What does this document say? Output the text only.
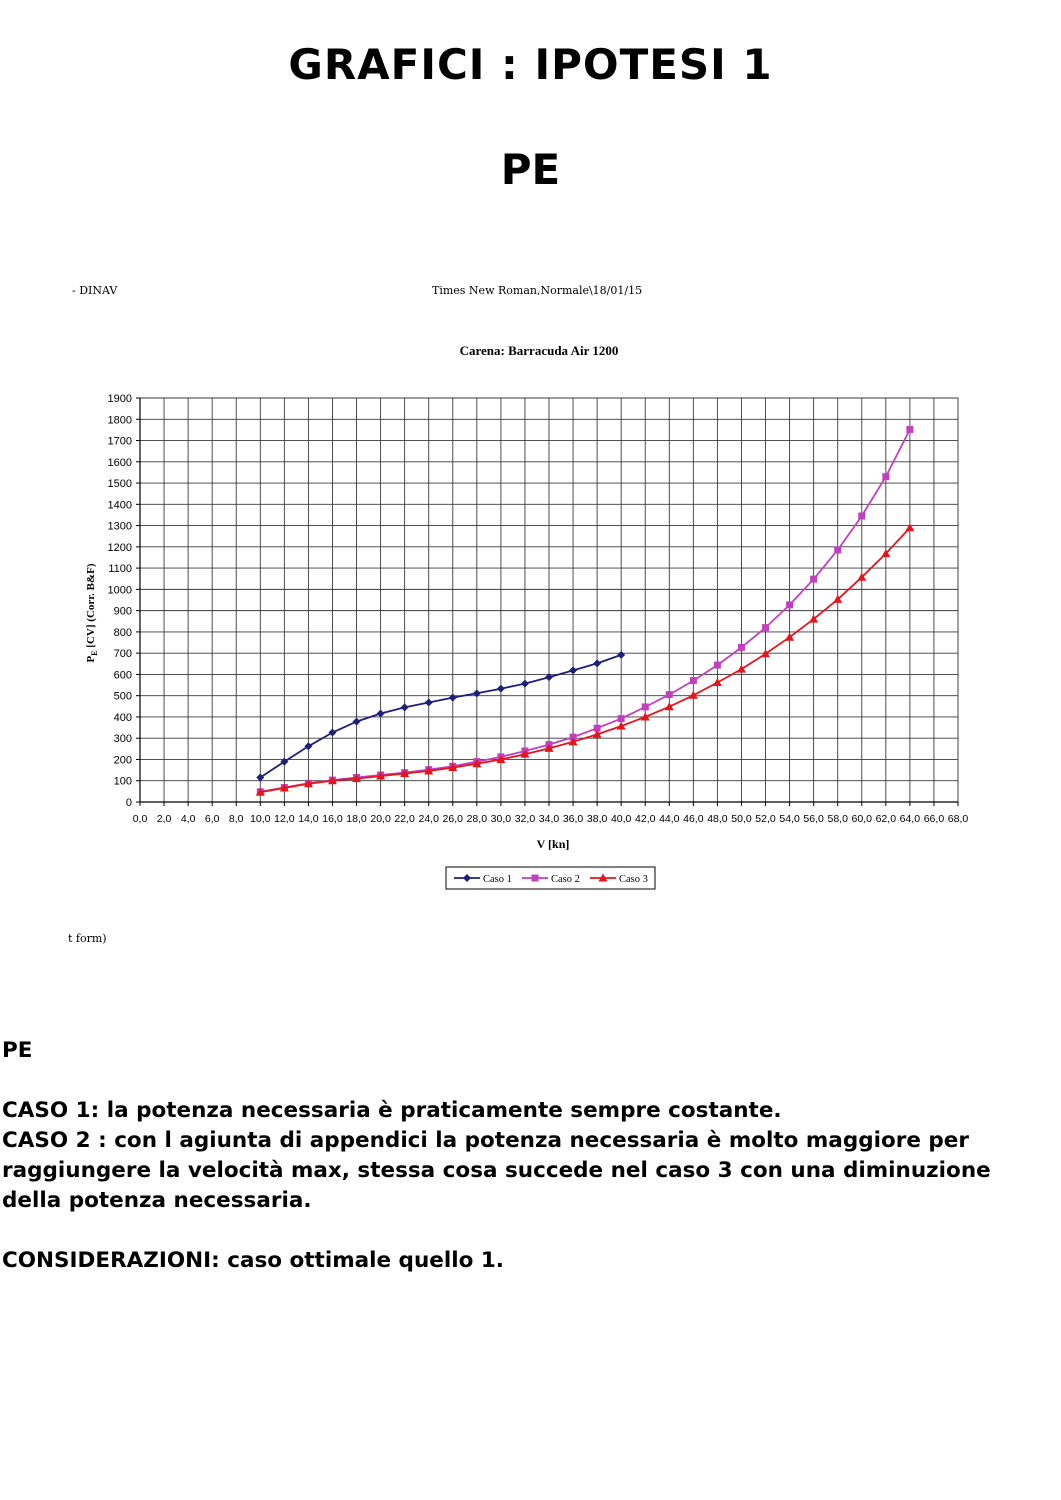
GRAFICI : IPOTESI 1
PE
- DINAV	Times New Roman,Normale\18/01/15
Carena: Barracuda Air 1200
0,0 2,0 4,0 6,0 8,0 10,0 12,0 14,0 16,0 18,0 20,0 22,0 24,0 26,0 28,0 30,0 32,0 34,0 36,0 38,0 40,0 42,0 44,0 46,0 48,0 50,0 52,0 54,0 56,0 58,0 60,0 62,0 64,0 66,0 68,0
0
100
200
300
400
500
600
700
800
900
1000
1100
1200
1300
1400
1500
1600
1700
1800
1900
V [kn]
$P_E$ [CV] (Corr. B&F)
Caso 1	Caso 2	Caso 3
t form)

PE

CASO 1: la potenza necessaria è praticamente sempre costante.

CASO 2 : con l agiunta di appendici la potenza necessaria è molto maggiore per raggiungere la velocità max, stessa cosa succede nel caso 3 con una diminuzione della potenza necessaria.

CONSIDERAZIONI: caso ottimale quello 1.
